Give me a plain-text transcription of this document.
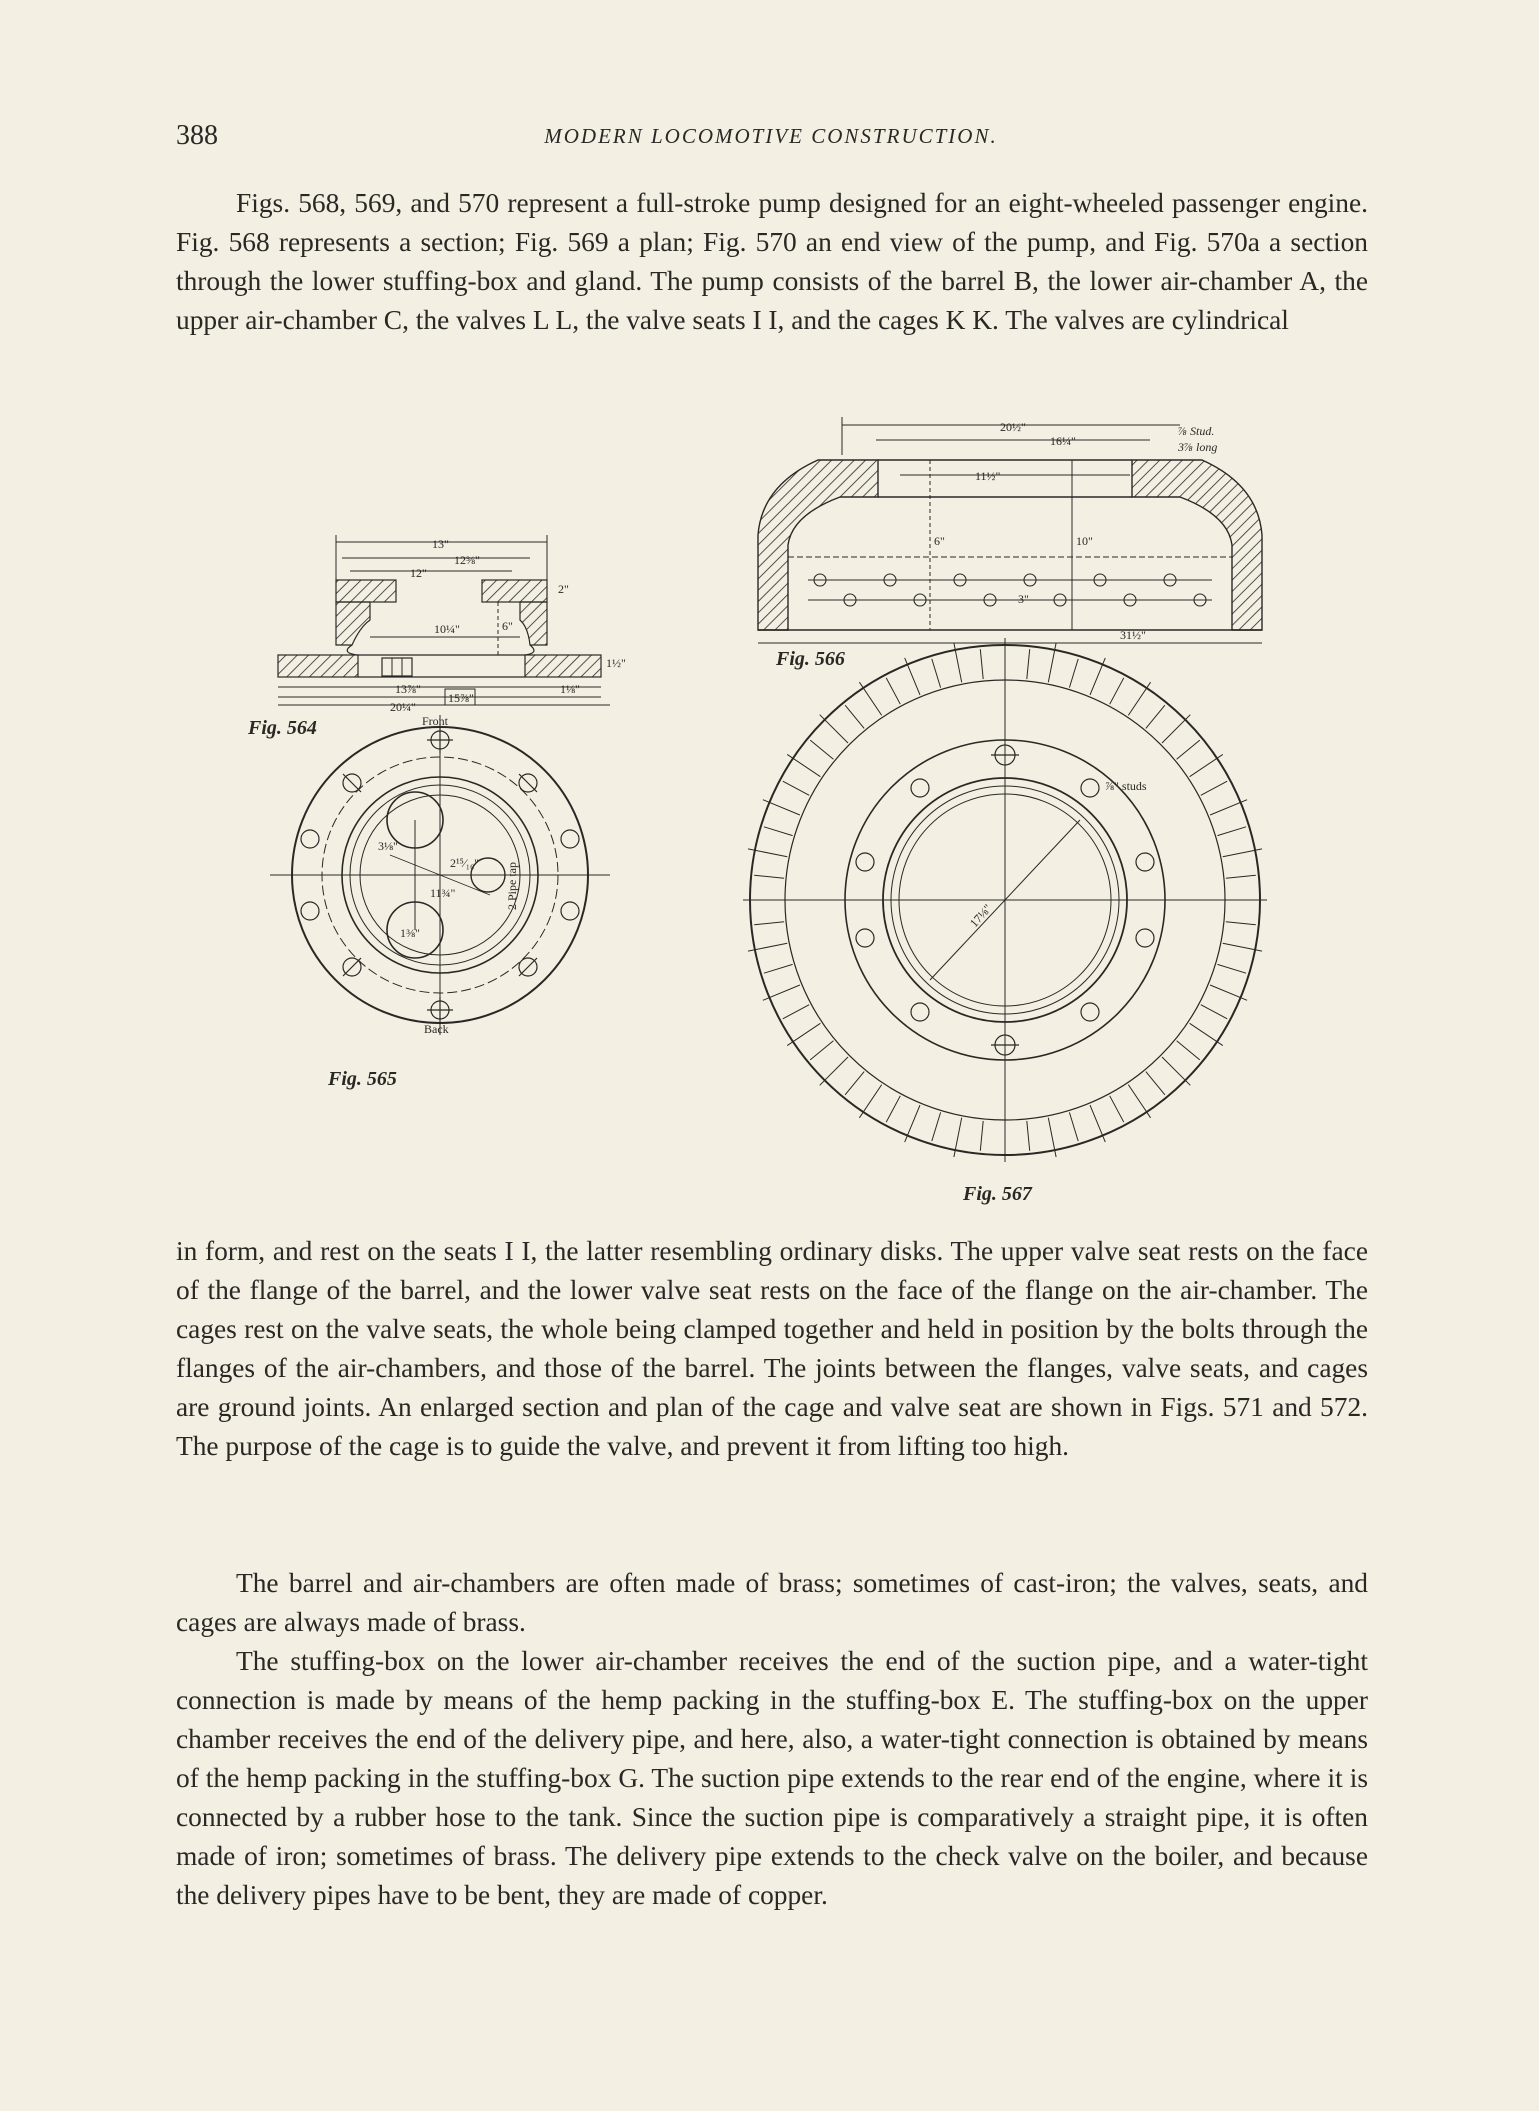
388	MODERN LOCOMOTIVE CONSTRUCTION.

Figs. 568, 569, and 570 represent a full-stroke pump designed for an eight-wheeled passenger engine. Fig. 568 represents a section; Fig. 569 a plan; Fig. 570 an end view of the pump, and Fig. 570a a section through the lower stuffing-box and gland. The pump consists of the barrel B, the lower air-chamber A, the upper air-chamber C, the valves L L, the valve seats I I, and the cages K K. The valves are cylindrical

13"
12⅜"
12"
10¼"	6"
13⅞"
15⅞"
20¼"
2"
1½"
1⅛"
Fig. 564	Front
Back
2 Pipe tap
2¹⁵⁄₁₆"
3⅛"
1⅜"
11¾"
Fig. 565
20½"
16¼"
11½"
⅞ Stud.
3⅞ long
6"	10"
3"
31½"
Fig. 566
⅞" studs
17⅛"
Fig. 567

in form, and rest on the seats I I, the latter resembling ordinary disks. The upper valve seat rests on the face of the flange of the barrel, and the lower valve seat rests on the face of the flange on the air-chamber. The cages rest on the valve seats, the whole being clamped together and held in position by the bolts through the flanges of the air-chambers, and those of the barrel. The joints between the flanges, valve seats, and cages are ground joints. An enlarged section and plan of the cage and valve seat are shown in Figs. 571 and 572. The purpose of the cage is to guide the valve, and prevent it from lifting too high.

The barrel and air-chambers are often made of brass; sometimes of cast-iron; the valves, seats, and cages are always made of brass.

The stuffing-box on the lower air-chamber receives the end of the suction pipe, and a water-tight connection is made by means of the hemp packing in the stuffing-box E. The stuffing-box on the upper chamber receives the end of the delivery pipe, and here, also, a water-tight connection is obtained by means of the hemp packing in the stuffing-box G. The suction pipe extends to the rear end of the engine, where it is connected by a rubber hose to the tank. Since the suction pipe is comparatively a straight pipe, it is often made of iron; sometimes of brass. The delivery pipe extends to the check valve on the boiler, and because the delivery pipes have to be bent, they are made of copper.
